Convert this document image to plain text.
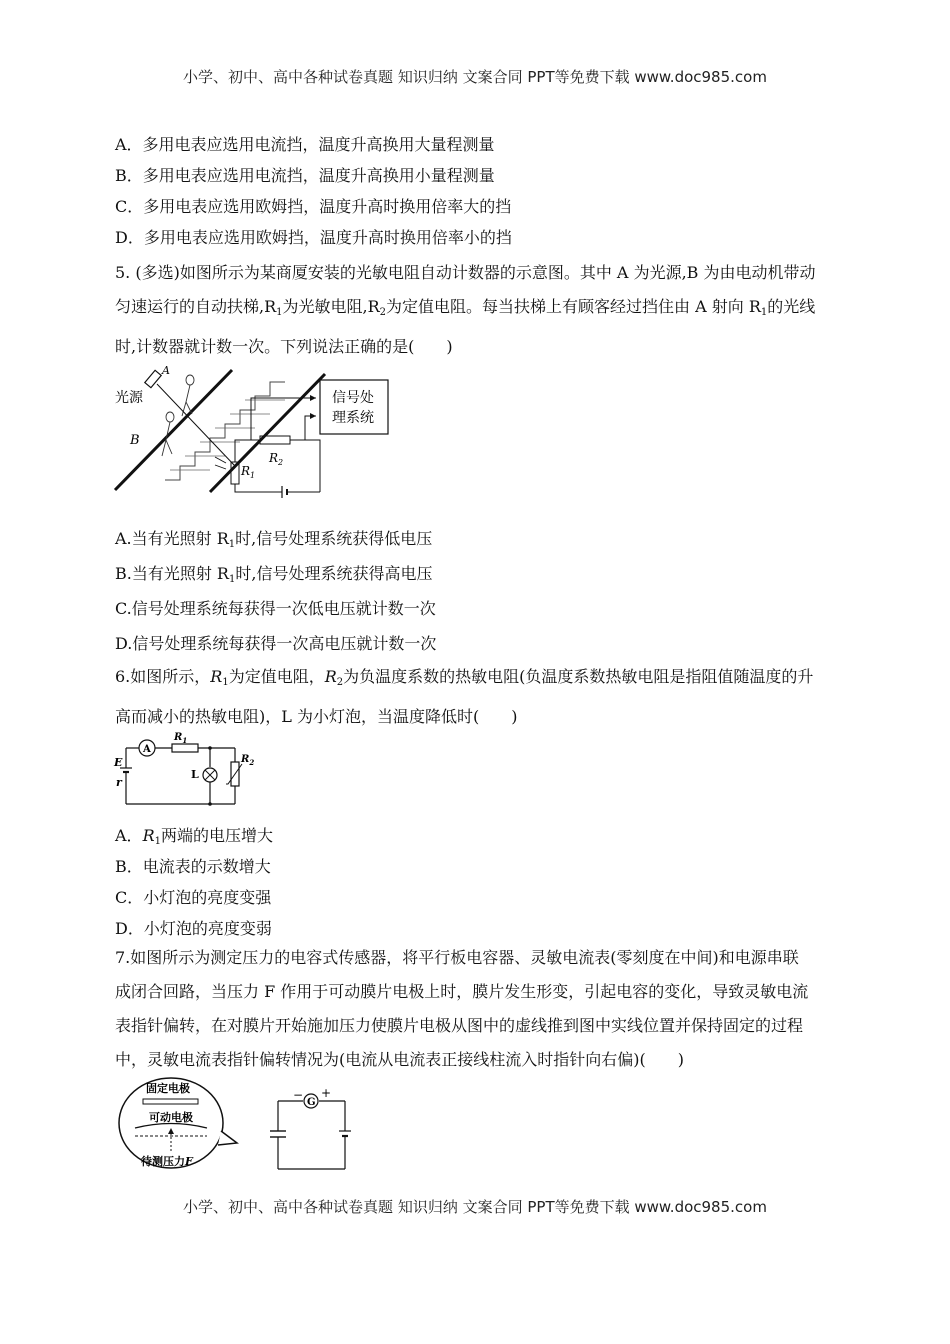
小学、初中、高中各种试卷真题 知识归纳 文案合同 PPT等免费下载 www.doc985.com
A．多用电表应选用电流挡，温度升高换用大量程测量
B．多用电表应选用电流挡，温度升高换用小量程测量
C．多用电表应选用欧姆挡，温度升高时换用倍率大的挡
D．多用电表应选用欧姆挡，温度升高时换用倍率小的挡
5. (多选)如图所示为某商厦安装的光敏电阻自动计数器的示意图。其中 A 为光源,B 为由电动机带动
匀速运行的自动扶梯$,R_1$为光敏电阻$,R_2$为定值电阻。每当扶梯上有顾客经过挡住由 A 射向 $R_1$的光线
时,计数器就计数一次。下列说法正确的是(　　)
A
光源
B
信号处
理系统
$R_2$
$R_1$
A.当有光照射 $R_1$时,信号处理系统获得低电压
B.当有光照射 $R_1$时,信号处理系统获得高电压
C.信号处理系统每获得一次低电压就计数一次
D.信号处理系统每获得一次高电压就计数一次
6.如图所示，$R_1$为定值电阻，$R_2$为负温度系数的热敏电阻(负温度系数热敏电阻是指阻值随温度的升
高而减小的热敏电阻)，L 为小灯泡，当温度降低时(　　)
A
$R_1$
L
$R_2$
E
r
A．$R_1$两端的电压增大
B．电流表的示数增大
C．小灯泡的亮度变强
D．小灯泡的亮度变弱
7.如图所示为测定压力的电容式传感器，将平行板电容器、灵敏电流表(零刻度在中间)和电源串联
成闭合回路，当压力 F 作用于可动膜片电极上时，膜片发生形变，引起电容的变化，导致灵敏电流
表指针偏转，在对膜片开始施加压力使膜片电极从图中的虚线推到图中实线位置并保持固定的过程
中，灵敏电流表指针偏转情况为(电流从电流表正接线柱流入时指针向右偏)(　　)
固定电极
可动电极
待测压力F
−
G
+
小学、初中、高中各种试卷真题 知识归纳 文案合同 PPT等免费下载 www.doc985.com
